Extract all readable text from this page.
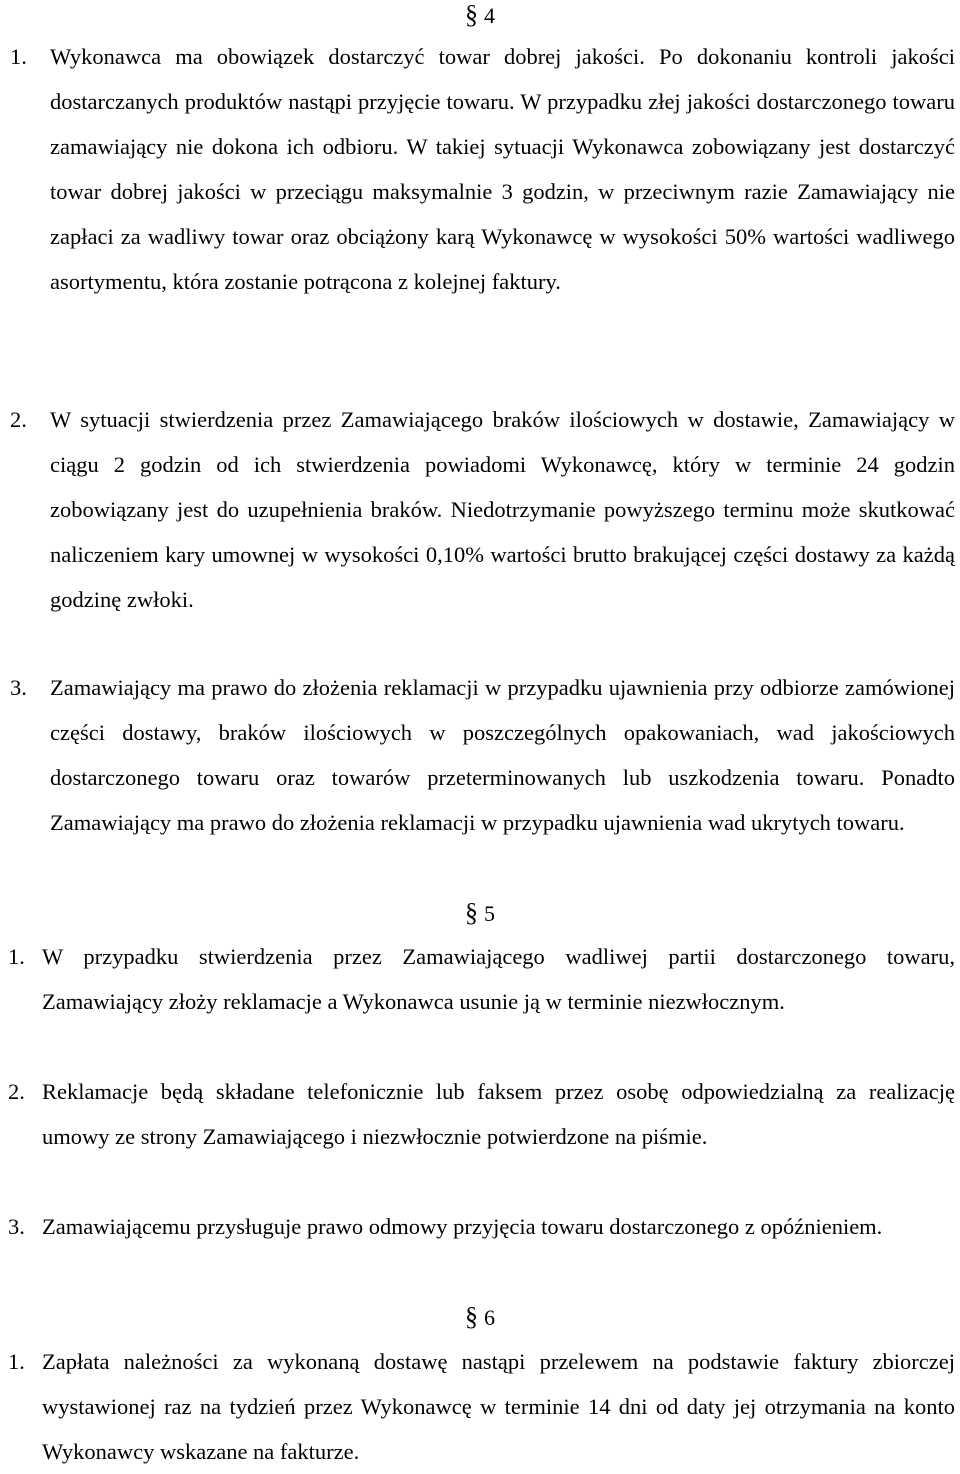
§ 4
1. Wykonawca ma obowiązek dostarczyć towar dobrej jakości. Po dokonaniu kontroli jakości dostarczanych produktów nastąpi przyjęcie towaru. W przypadku złej jakości dostarczonego towaru zamawiający nie dokona ich odbioru. W takiej sytuacji Wykonawca zobowiązany jest dostarczyć towar dobrej jakości w przeciągu maksymalnie 3 godzin, w przeciwnym razie Zamawiający nie zapłaci za wadliwy towar oraz obciążony karą Wykonawcę w wysokości 50% wartości wadliwego asortymentu, która zostanie potrącona z kolejnej faktury.
2. W sytuacji stwierdzenia przez Zamawiającego braków ilościowych w dostawie, Zamawiający w ciągu 2 godzin od ich stwierdzenia powiadomi Wykonawcę, który w terminie 24 godzin zobowiązany jest do uzupełnienia braków. Niedotrzymanie powyższego terminu może skutkować naliczeniem kary umownej w wysokości 0,10% wartości brutto brakującej części dostawy za każdą godzinę zwłoki.
3. Zamawiający ma prawo do złożenia reklamacji w przypadku ujawnienia przy odbiorze zamówionej części dostawy, braków ilościowych w poszczególnych opakowaniach, wad jakościowych dostarczonego towaru oraz towarów przeterminowanych lub uszkodzenia towaru. Ponadto Zamawiający ma prawo do złożenia reklamacji w przypadku ujawnienia wad ukrytych towaru.
§ 5
1. W przypadku stwierdzenia przez Zamawiającego wadliwej partii dostarczonego towaru, Zamawiający złoży reklamacje a Wykonawca usunie ją w terminie niezwłocznym.
2. Reklamacje będą składane telefonicznie lub faksem przez osobę odpowiedzialną za realizację umowy ze strony Zamawiającego i niezwłocznie potwierdzone na piśmie.
3. Zamawiającemu przysługuje prawo odmowy przyjęcia towaru dostarczonego z opóźnieniem.
§ 6
1. Zapłata należności za wykonaną dostawę nastąpi przelewem na podstawie faktury zbiorczej wystawionej raz na tydzień przez Wykonawcę w terminie 14 dni od daty jej otrzymania na konto Wykonawcy wskazane na fakturze.
